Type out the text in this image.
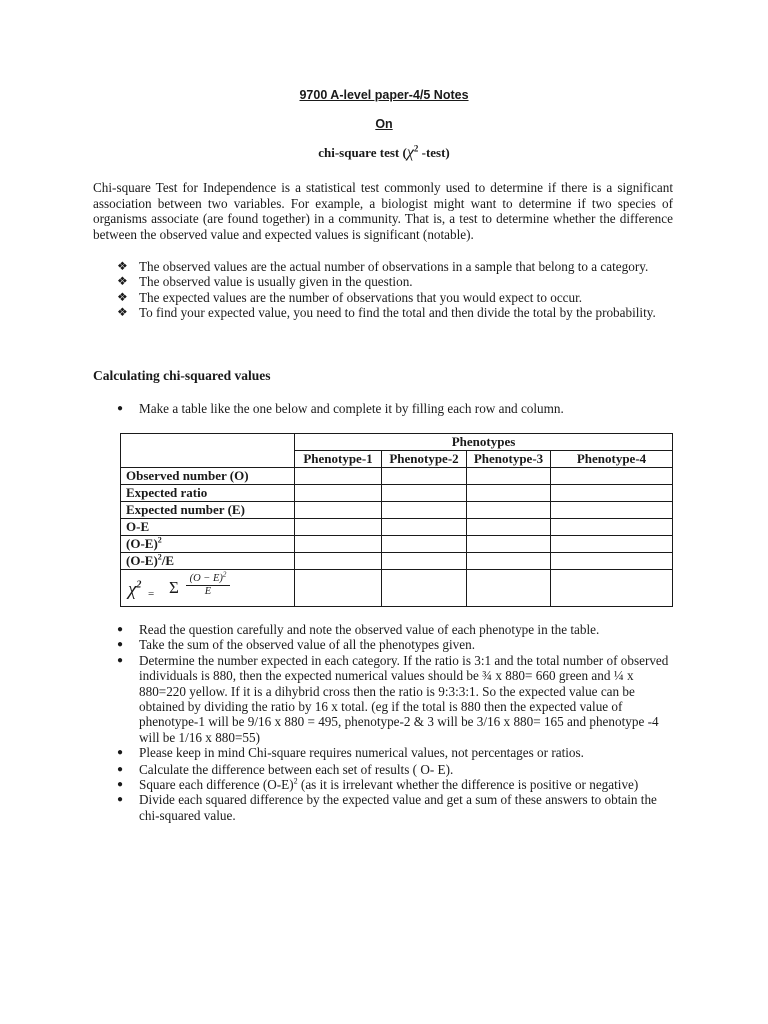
9700 A-level paper-4/5 Notes
On
chi-square test ($\chi^2$ -test)

Chi-square Test for Independence is a statistical test commonly used to determine if there is a significant association between two variables. For example, a biologist might want to determine if two species of organisms associate (are found together) in a community. That is, a test to determine whether the difference between the observed value and expected values is significant (notable).

❖ The observed values are the actual number of observations in a sample that belong to a category.
❖ The observed value is usually given in the question.
❖ The expected values are the number of observations that you would expect to occur.
❖ To find your expected value, you need to find the total and then divide the total by the probability.
Calculating chi-squared values
● Make a table like the one below and complete it by filling each row and column.
	Phenotypes			
	Phenotype-1	Phenotype-2	Phenotype-3	Phenotype-4
Observed number (O)				
Expected ratio				
Expected number (E)				
O-E				
$(O-E)^2$				
$(O-E)^2/E$				

$\chi^2$
= Σ $\frac{(O - E)^2}{E}$

● Read the question carefully and note the observed value of each phenotype in the table.
● Take the sum of the observed value of all the phenotypes given.
● Determine the number expected in each category. If the ratio is 3:1 and the total number of observed individuals is 880, then the expected numerical values should be ¾ x 880= 660 green and ¼ x 880=220 yellow. If it is a dihybrid cross then the ratio is 9:3:3:1. So the expected value can be obtained by dividing the ratio by 16 x total. (eg if the total is 880 then the expected value of phenotype-1 will be 9/16 x 880 = 495, phenotype-2 & 3 will be 3/16 x 880= 165 and phenotype -4 will be 1/16 x 880=55)
● Please keep in mind Chi-square requires numerical values, not percentages or ratios.
● Calculate the difference between each set of results ( O- E).
● Square each difference $(O-E)^2$ (as it is irrelevant whether the difference is positive or negative)
● Divide each squared difference by the expected value and get a sum of these answers to obtain the chi-squared value.
